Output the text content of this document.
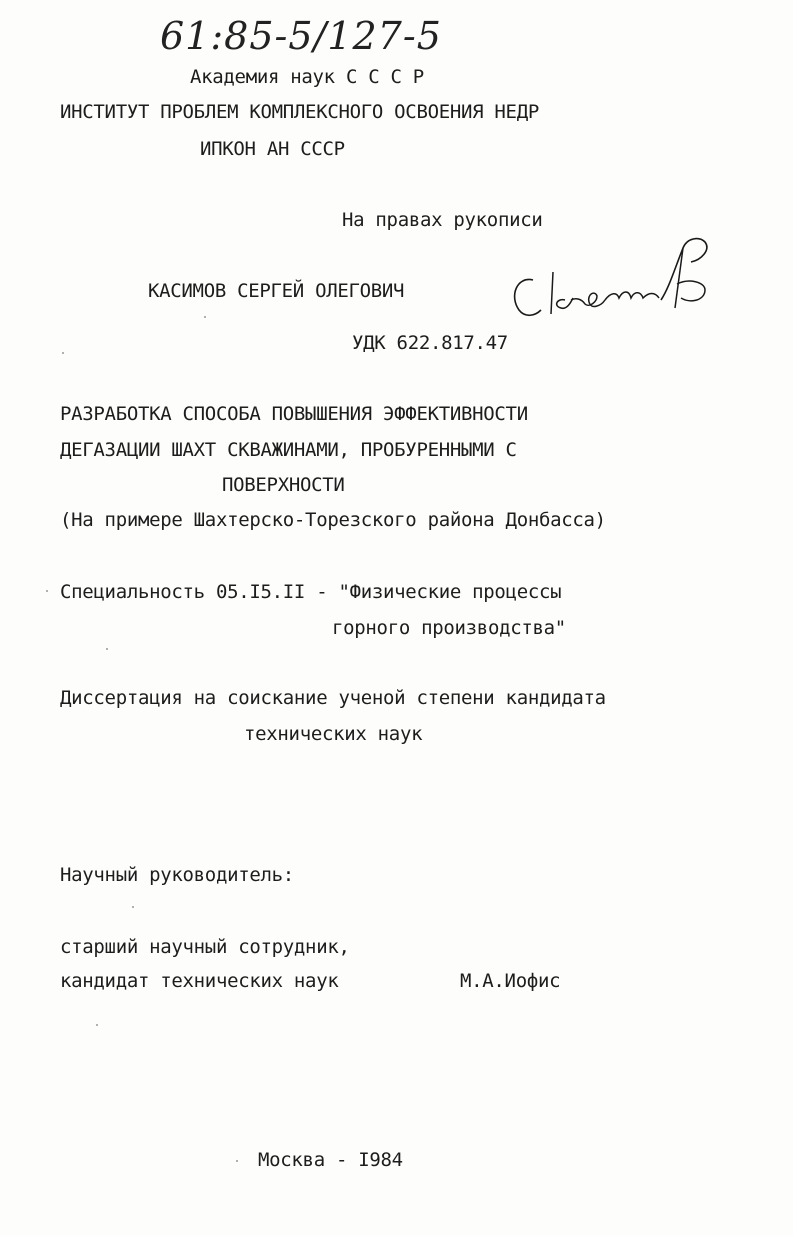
61:85-5/127-5
Академия наук С С С Р
ИНСТИТУТ ПРОБЛЕМ КОМПЛЕКСНОГО ОСВОЕНИЯ НЕДР
ИПКОН АН СССР
На правах рукописи
КАСИМОВ СЕРГЕЙ ОЛЕГОВИЧ
УДК 622.817.47
РАЗРАБОТКА СПОСОБА ПОВЫШЕНИЯ ЭФФЕКТИВНОСТИ
ДЕГАЗАЦИИ ШАХТ СКВАЖИНАМИ, ПРОБУРЕННЫМИ С
ПОВЕРХНОСТИ
(На примере Шахтерско-Торезского района Донбасса)
Специальность 05.I5.II - "Физические процессы
горного производства"
Диссертация на соискание ученой степени кандидата
технических наук
Научный руководитель:
старший научный сотрудник,
кандидат технических наук	М.А.Иофис
Москва - I984
